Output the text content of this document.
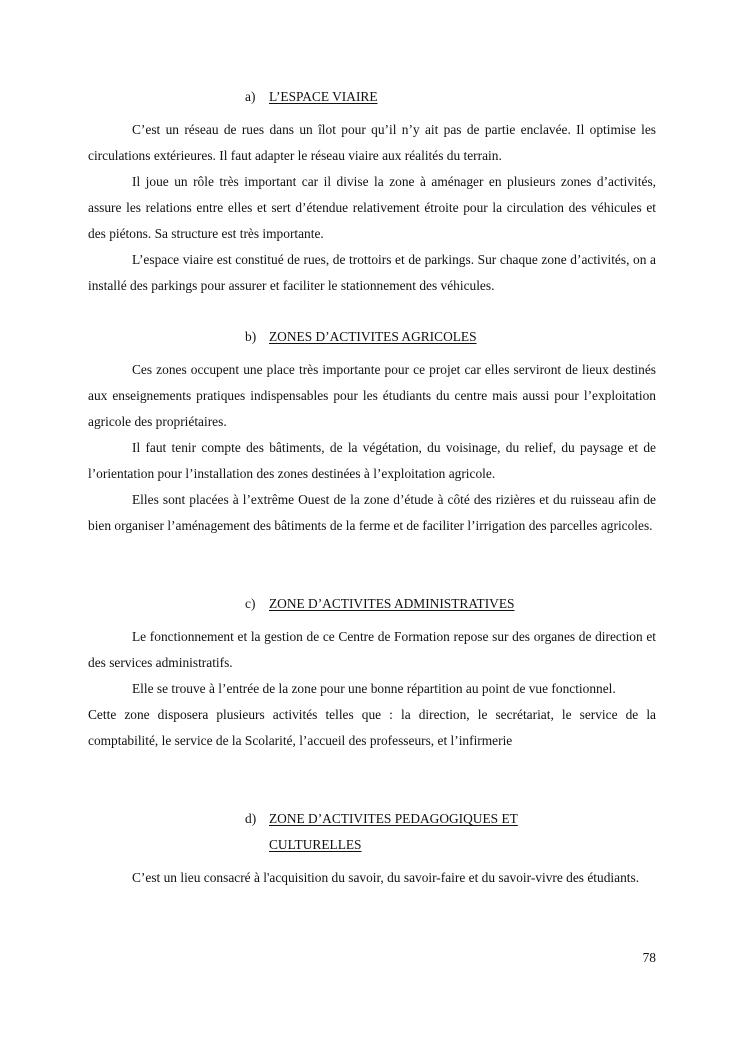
a) L’ESPACE VIAIRE

C’est un réseau de rues dans un îlot pour qu’il n’y ait pas de partie enclavée. Il optimise les circulations extérieures. Il faut adapter le réseau viaire aux réalités du terrain.

Il joue un rôle très important car il divise la zone à aménager en plusieurs zones d’activités, assure les relations entre elles et sert d’étendue relativement étroite pour la circulation des véhicules et des piétons. Sa structure est très importante.

L’espace viaire est constitué de rues, de trottoirs et de parkings. Sur chaque zone d’activités, on a installé des parkings pour assurer et faciliter le stationnement des véhicules.

b) ZONES D’ACTIVITES AGRICOLES

Ces zones occupent une place très importante pour ce projet car elles serviront de lieux destinés aux enseignements pratiques indispensables pour les étudiants du centre mais aussi pour l’exploitation agricole des propriétaires.

Il faut tenir compte des bâtiments, de la végétation, du voisinage, du relief, du paysage et de l’orientation pour l’installation des zones destinées à l’exploitation agricole.

Elles sont placées à l’extrême Ouest de la zone d’étude à côté des rizières et du ruisseau afin de bien organiser l’aménagement des bâtiments de la ferme et de faciliter l’irrigation des parcelles agricoles.

c) ZONE D’ACTIVITES ADMINISTRATIVES

Le fonctionnement et la gestion de ce Centre de Formation repose sur des organes de direction et des services administratifs.

Elle se trouve à l’entrée de la zone pour une bonne répartition au point de vue fonctionnel.

Cette zone disposera plusieurs activités telles que : la direction, le secrétariat, le service de la comptabilité, le service de la Scolarité, l’accueil des professeurs, et l’infirmerie

d) ZONE D’ACTIVITES PEDAGOGIQUES ET
CULTURELLES

C’est un lieu consacré à l'acquisition du savoir, du savoir-faire et du savoir-vivre des étudiants.

78
